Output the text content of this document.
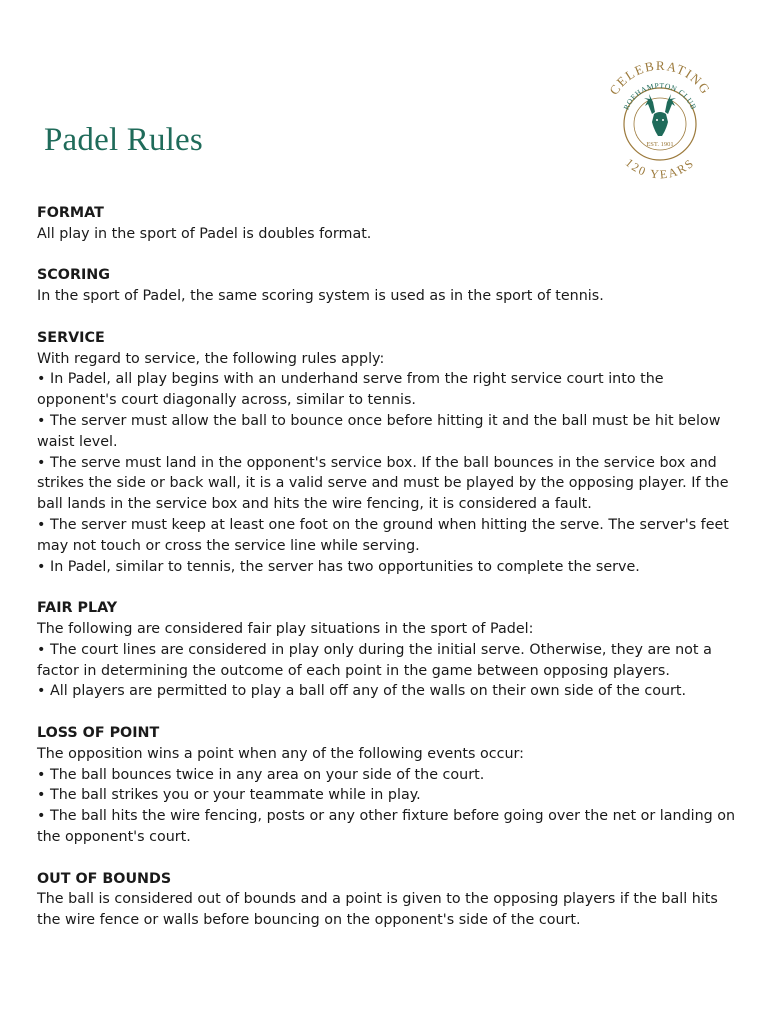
Padel Rules
CELEBRATING
ROEHAMPTON CLUB
EST. 1901
120 YEARS

FORMAT

All play in the sport of Padel is doubles format.

SCORING

In the sport of Padel, the same scoring system is used as in the sport of tennis.

SERVICE

With regard to service, the following rules apply:

• In Padel, all play begins with an underhand serve from the right service court into the opponent's court diagonally across, similar to tennis.

• The server must allow the ball to bounce once before hitting it and the ball must be hit below waist level.

• The serve must land in the opponent's service box. If the ball bounces in the service box and strikes the side or back wall, it is a valid serve and must be played by the opposing player. If the ball lands in the service box and hits the wire fencing, it is considered a fault.

• The server must keep at least one foot on the ground when hitting the serve. The server's feet may not touch or cross the service line while serving.

• In Padel, similar to tennis, the server has two opportunities to complete the serve.

FAIR PLAY

The following are considered fair play situations in the sport of Padel:

• The court lines are considered in play only during the initial serve. Otherwise, they are not a factor in determining the outcome of each point in the game between opposing players.

• All players are permitted to play a ball off any of the walls on their own side of the court.

LOSS OF POINT

The opposition wins a point when any of the following events occur:

• The ball bounces twice in any area on your side of the court.

• The ball strikes you or your teammate while in play.

• The ball hits the wire fencing, posts or any other fixture before going over the net or landing on the opponent's court.

OUT OF BOUNDS

The ball is considered out of bounds and a point is given to the opposing players if the ball hits the wire fence or walls before bouncing on the opponent's side of the court.
